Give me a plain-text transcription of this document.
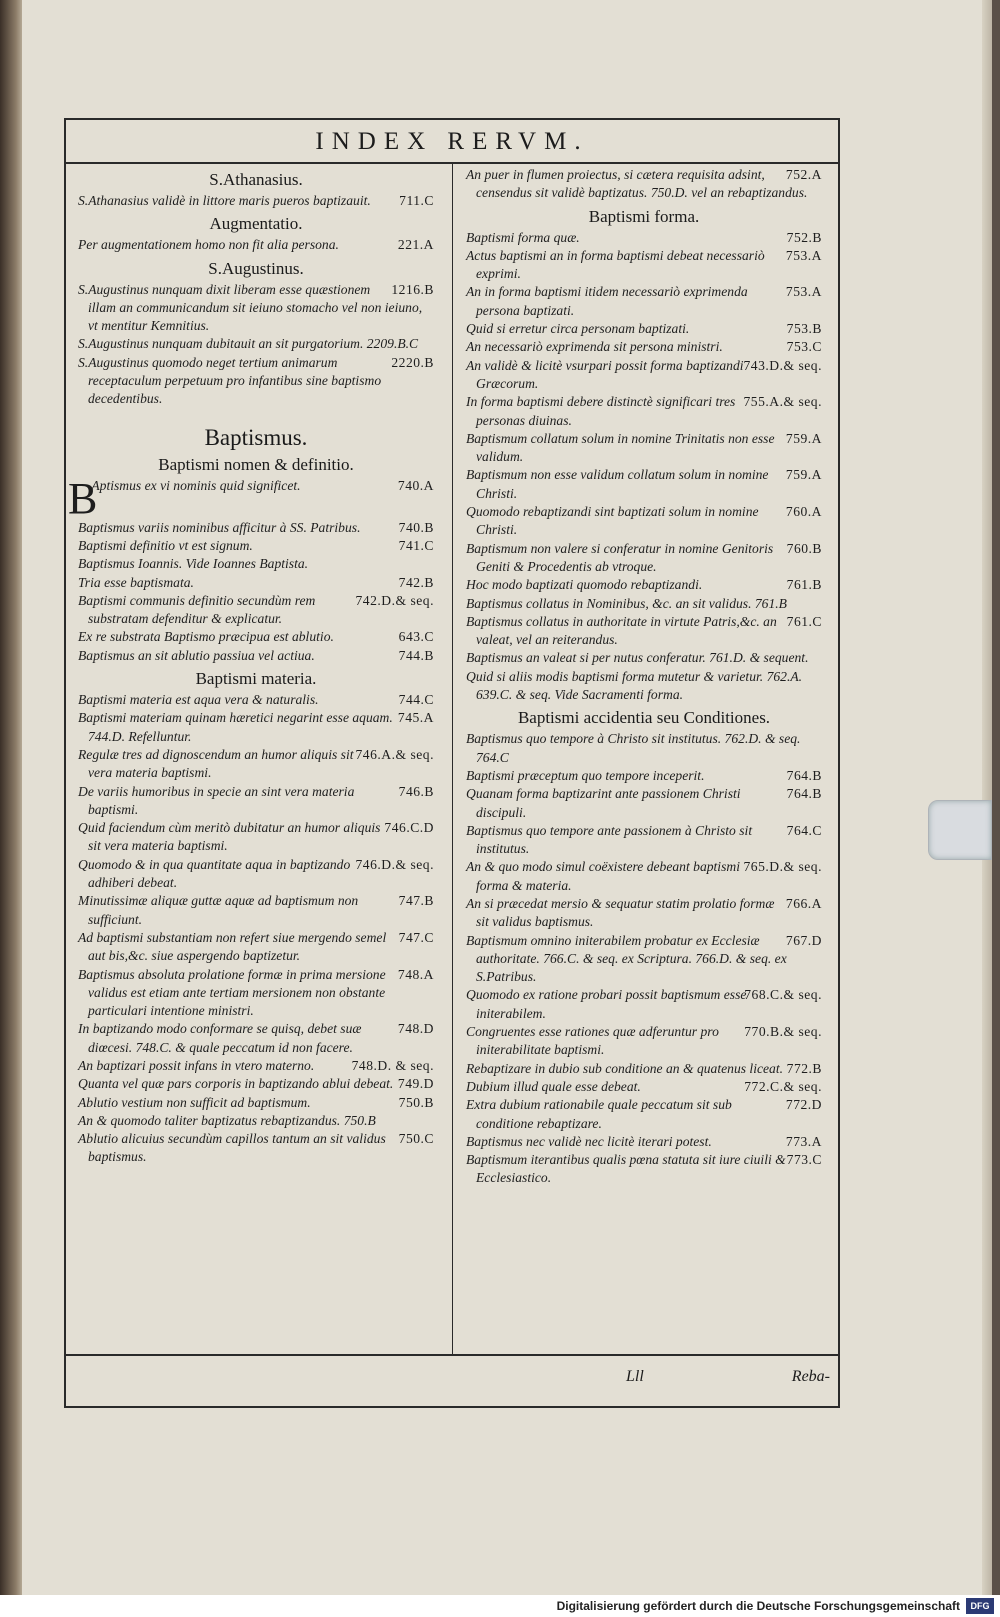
INDEX RERVM.
S.Athanasius.
711.C
S.Athanasius validè in littore maris pueros baptizauit.
Augmentatio.
221.A
Per augmentationem homo non fit alia persona.
S.Augustinus.
1216.B
S.Augustinus nunquam dixit liberam esse quæstionem illam an communicandum sit ieiuno stomacho vel non ieiuno, vt mentitur Kemnitius.
S.Augustinus nunquam dubitauit an sit purgatorium. 2209.B.C
2220.B
S.Augustinus quomodo neget tertium animarum receptaculum perpetuum pro infantibus sine baptismo decedentibus.
Baptismus.
Baptismi nomen & definitio.
740.A
B
Aptismus ex vi nominis quid significet.
740.B
Baptismus variis nominibus afficitur à SS. Patribus.
741.C
Baptismi definitio vt est signum.
Baptismus Ioannis. Vide Ioannes Baptista.
742.B
Tria esse baptismata.
742.D.& seq.
Baptismi communis definitio secundùm rem substratam defenditur & explicatur.
643.C
Ex re substrata Baptismo præcipua est ablutio.
744.B
Baptismus an sit ablutio passiua vel actiua.
Baptismi materia.
744.C
Baptismi materia est aqua vera & naturalis.
745.A
Baptismi materiam quinam hæretici negarint esse aquam. 744.D. Refelluntur.
746.A.& seq.
Regulæ tres ad dignoscendum an humor aliquis sit vera materia baptismi.
746.B
De variis humoribus in specie an sint vera materia baptismi.
746.C.D
Quid faciendum cùm meritò dubitatur an humor aliquis sit vera materia baptismi.
746.D.& seq.
Quomodo & in qua quantitate aqua in baptizando adhiberi debeat.
747.B
Minutissimæ aliquæ guttæ aquæ ad baptismum non sufficiunt.
747.C
Ad baptismi substantiam non refert siue mergendo semel aut bis,&c. siue aspergendo baptizetur.
748.A
Baptismus absoluta prolatione formæ in prima mersione validus est etiam ante tertiam mersionem non obstante particulari intentione ministri.
748.D
In baptizando modo conformare se quisq, debet suæ diœcesi. 748.C. & quale peccatum id non facere.
748.D. & seq.
An baptizari possit infans in vtero materno.
749.D
Quanta vel quæ pars corporis in baptizando ablui debeat.
750.B
Ablutio vestium non sufficit ad baptismum.
An & quomodo taliter baptizatus rebaptizandus. 750.B
750.C
Ablutio alicuius secundùm capillos tantum an sit validus baptismus.
752.A
An puer in flumen proiectus, si cætera requisita adsint, censendus sit validè baptizatus. 750.D. vel an rebaptizandus.
Baptismi forma.
752.B
Baptismi forma quæ.
753.A
Actus baptismi an in forma baptismi debeat necessariò exprimi.
753.A
An in forma baptismi itidem necessariò exprimenda persona baptizati.
753.B
Quid si erretur circa personam baptizati.
753.C
An necessariò exprimenda sit persona ministri.
743.D.& seq.
An validè & licitè vsurpari possit forma baptizandi Græcorum.
755.A.& seq.
In forma baptismi debere distinctè significari tres personas diuinas.
759.A
Baptismum collatum solum in nomine Trinitatis non esse validum.
759.A
Baptismum non esse validum collatum solum in nomine Christi.
760.A
Quomodo rebaptizandi sint baptizati solum in nomine Christi.
760.B
Baptismum non valere si conferatur in nomine Genitoris Geniti & Procedentis ab vtroque.
761.B
Hoc modo baptizati quomodo rebaptizandi.
Baptismus collatus in Nominibus, &c. an sit validus. 761.B
761.C
Baptismus collatus in authoritate in virtute Patris,&c. an valeat, vel an reiterandus.
Baptismus an valeat si per nutus conferatur. 761.D. & sequent.
Quid si aliis modis baptismi forma mutetur & varietur. 762.A. 639.C. & seq. Vide Sacramenti forma.
Baptismi accidentia seu Conditiones.
Baptismus quo tempore à Christo sit institutus. 762.D. & seq. 764.C
764.B
Baptismi præceptum quo tempore inceperit.
764.B
Quanam forma baptizarint ante passionem Christi discipuli.
764.C
Baptismus quo tempore ante passionem à Christo sit institutus.
765.D.& seq.
An & quo modo simul coëxistere debeant baptismi forma & materia.
766.A
An si præcedat mersio & sequatur statim prolatio formæ sit validus baptismus.
767.D
Baptismum omnino initerabilem probatur ex Ecclesiæ authoritate. 766.C. & seq. ex Scriptura. 766.D. & seq. ex S.Patribus.
768.C.& seq.
Quomodo ex ratione probari possit baptismum esse initerabilem.
770.B.& seq.
Congruentes esse rationes quæ adferuntur pro initerabilitate baptismi.
772.B
Rebaptizare in dubio sub conditione an & quatenus liceat.
772.C.& seq.
Dubium illud quale esse debeat.
772.D
Extra dubium rationabile quale peccatum sit sub conditione rebaptizare.
773.A
Baptismus nec validè nec licitè iterari potest.
773.C
Baptismum iterantibus qualis pœna statuta sit iure ciuili & Ecclesiastico.
Lll	Reba-
Digitalisierung gefördert durch die Deutsche Forschungsgemeinschaft	DFG
